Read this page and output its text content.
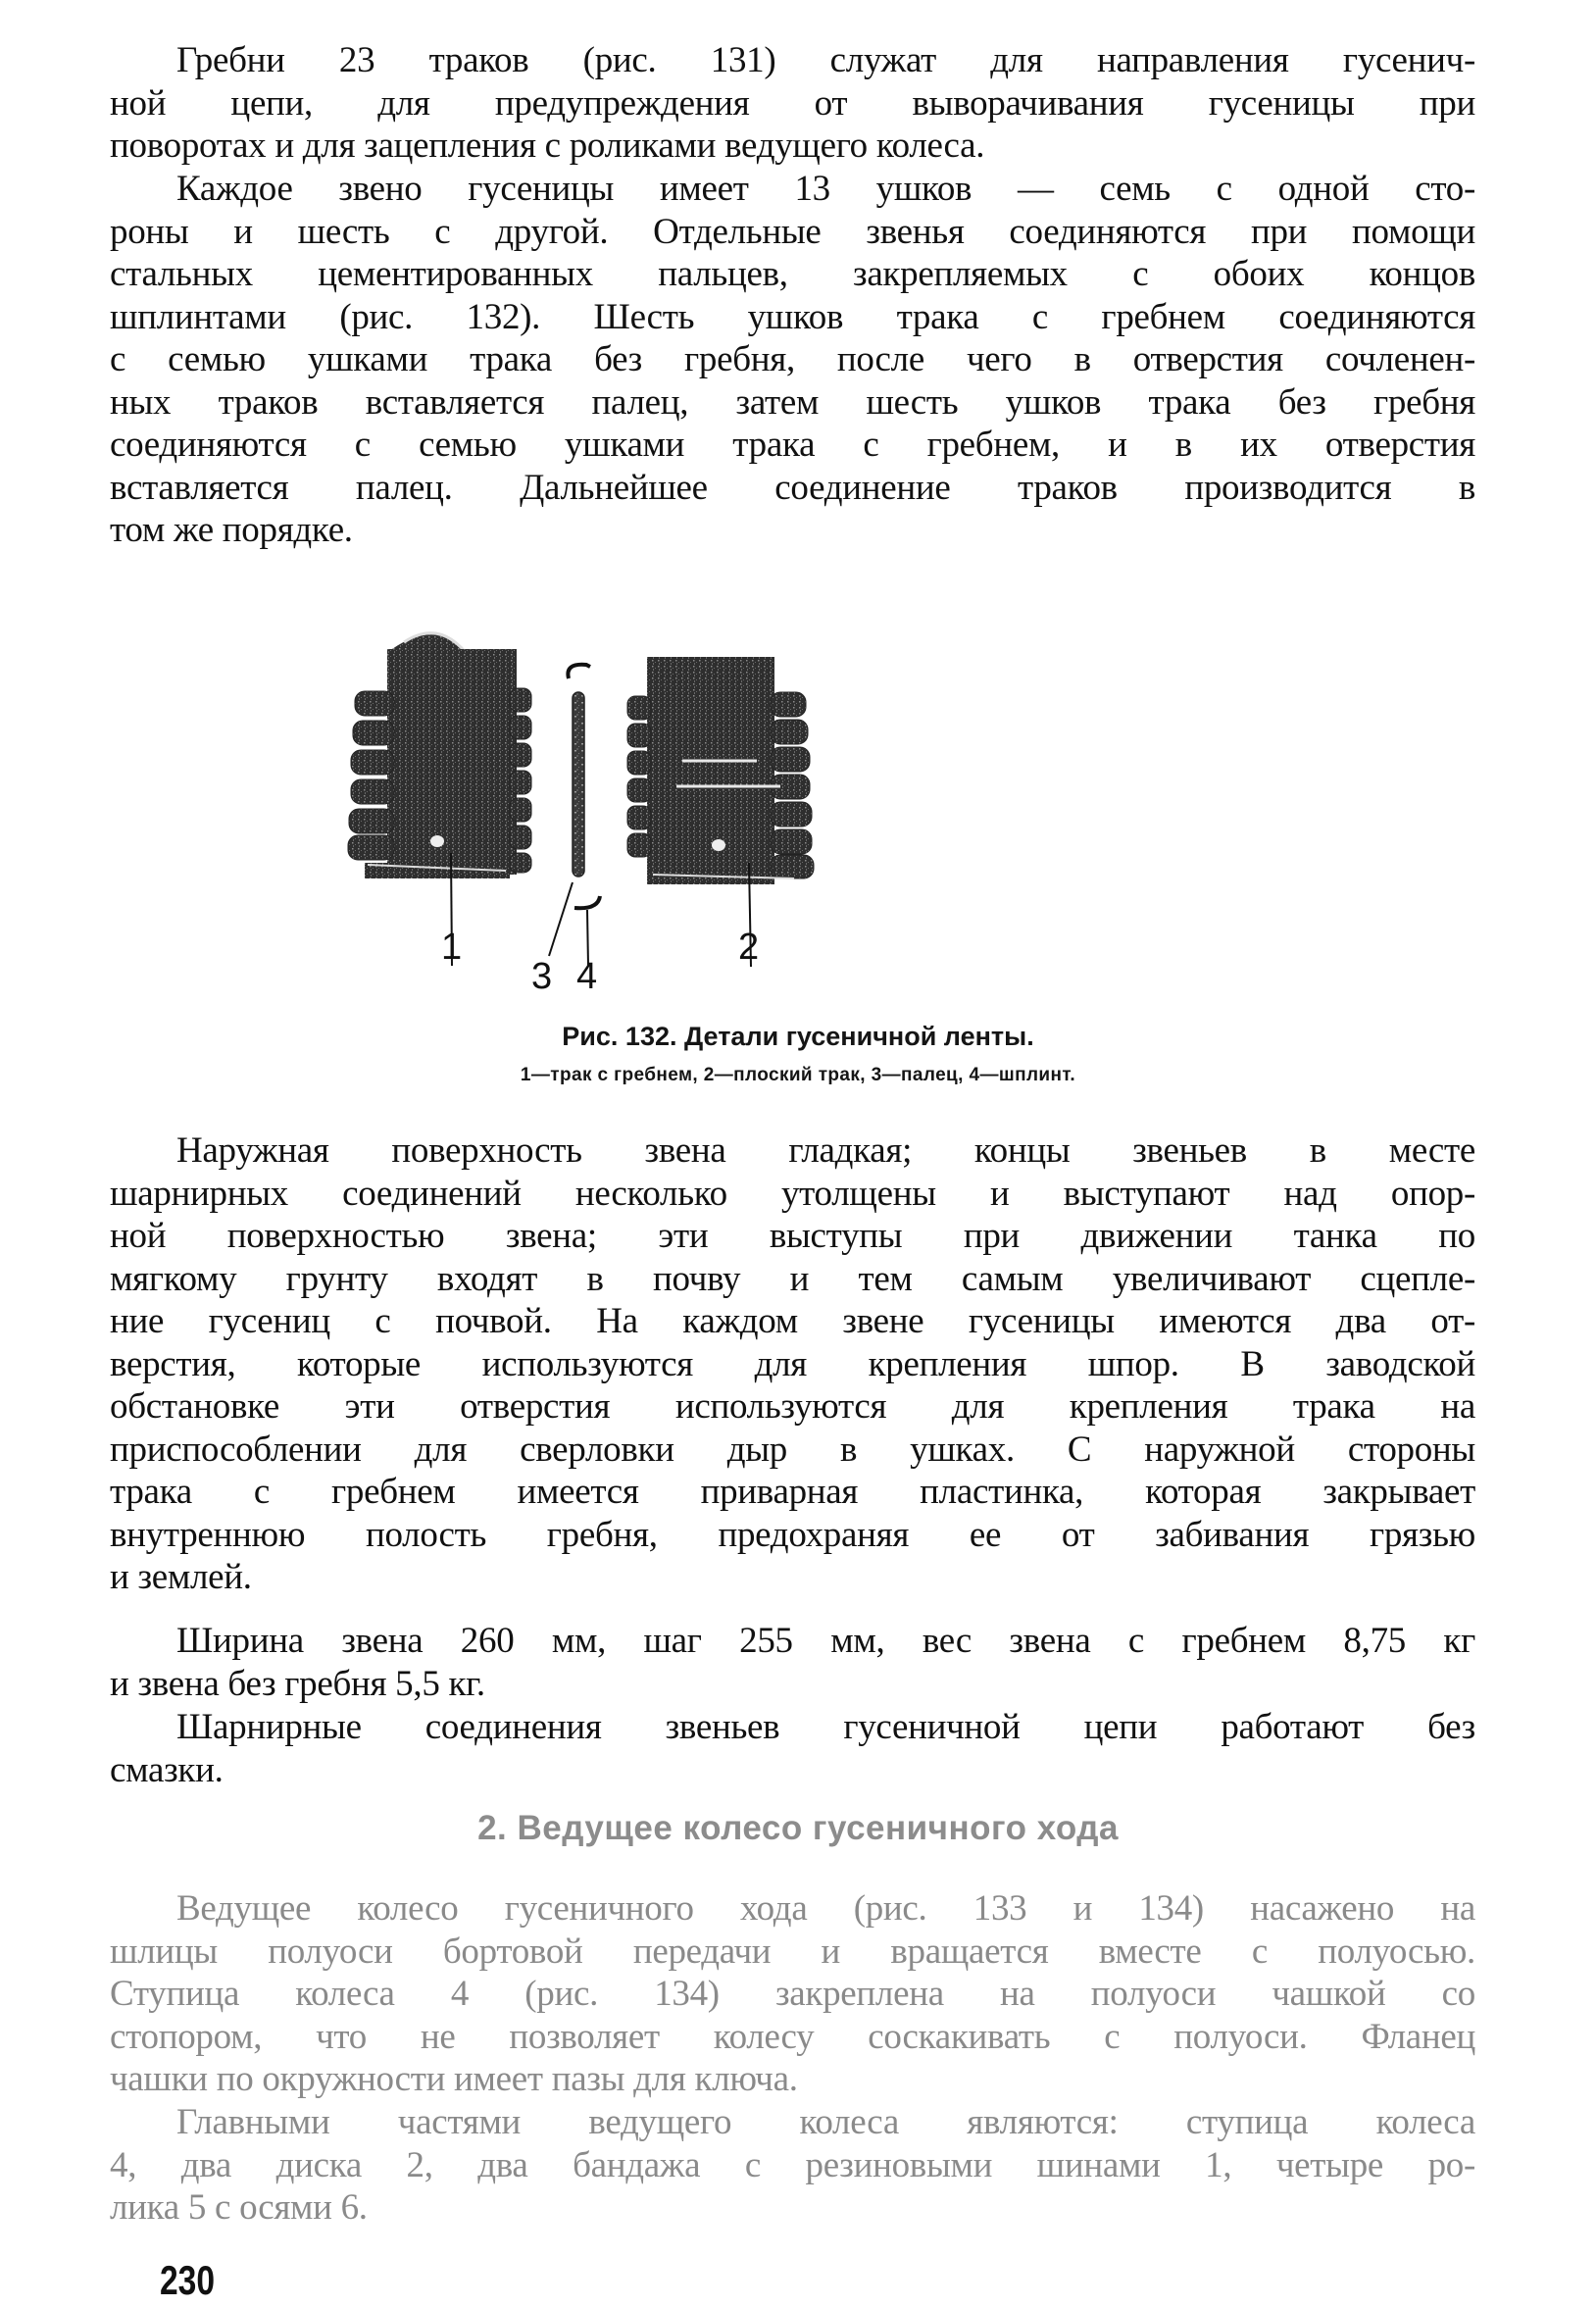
Гребни 23 траков (рис. 131) служат для направления гусенич-
ной цепи, для предупреждения от выворачивания гусеницы при
поворотах и для зацепления с роликами ведущего колеса.
Каждое звено гусеницы имеет 13 ушков — семь с одной сто-
роны и шесть с другой. Отдельные звенья соединяются при помощи
стальных цементированных пальцев, закрепляемых с обоих концов
шплинтами (рис. 132). Шесть ушков трака с гребнем соединяются
с семью ушками трака без гребня, после чего в отверстия сочленен-
ных траков вставляется палец, затем шесть ушков трака без гребня
соединяются с семью ушками трака с гребнем, и в их отверстия
вставляется палец. Дальнейшее соединение траков производится в
том же порядке.
1	2
3 4
Рис. 132. Детали гусеничной ленты.
1—трак с гребнем, 2—плоский трак, 3—палец, 4—шплинт.
Наружная поверхность звена гладкая; концы звеньев в месте
шарнирных соединений несколько утолщены и выступают над опор-
ной поверхностью звена; эти выступы при движении танка по
мягкому грунту входят в почву и тем самым увеличивают сцепле-
ние гусениц с почвой. На каждом звене гусеницы имеются два от-
верстия, которые используются для крепления шпор. В заводской
обстановке эти отверстия используются для крепления трака на
приспособлении для сверловки дыр в ушках. С наружной стороны
трака с гребнем имеется приварная пластинка, которая закрывает
внутреннюю полость гребня, предохраняя ее от забивания грязью
и землей.
Ширина звена 260 мм, шаг 255 мм, вес звена с гребнем 8,75 кг
и звена без гребня 5,5 кг.
Шарнирные соединения звеньев гусеничной цепи работают без
смазки.
2. Ведущее колесо гусеничного хода
Ведущее колесо гусеничного хода (рис. 133 и 134) насажено на
шлицы полуоси бортовой передачи и вращается вместе с полуосью.
Ступица колеса 4 (рис. 134) закреплена на полуоси чашкой со
стопором, что не позволяет колесу соскакивать с полуоси. Фланец
чашки по окружности имеет пазы для ключа.
Главными частями ведущего колеса являются: ступица колеса
4, два диска 2, два бандажа с резиновыми шинами 1, четыре ро-
лика 5 с осями 6.
230
